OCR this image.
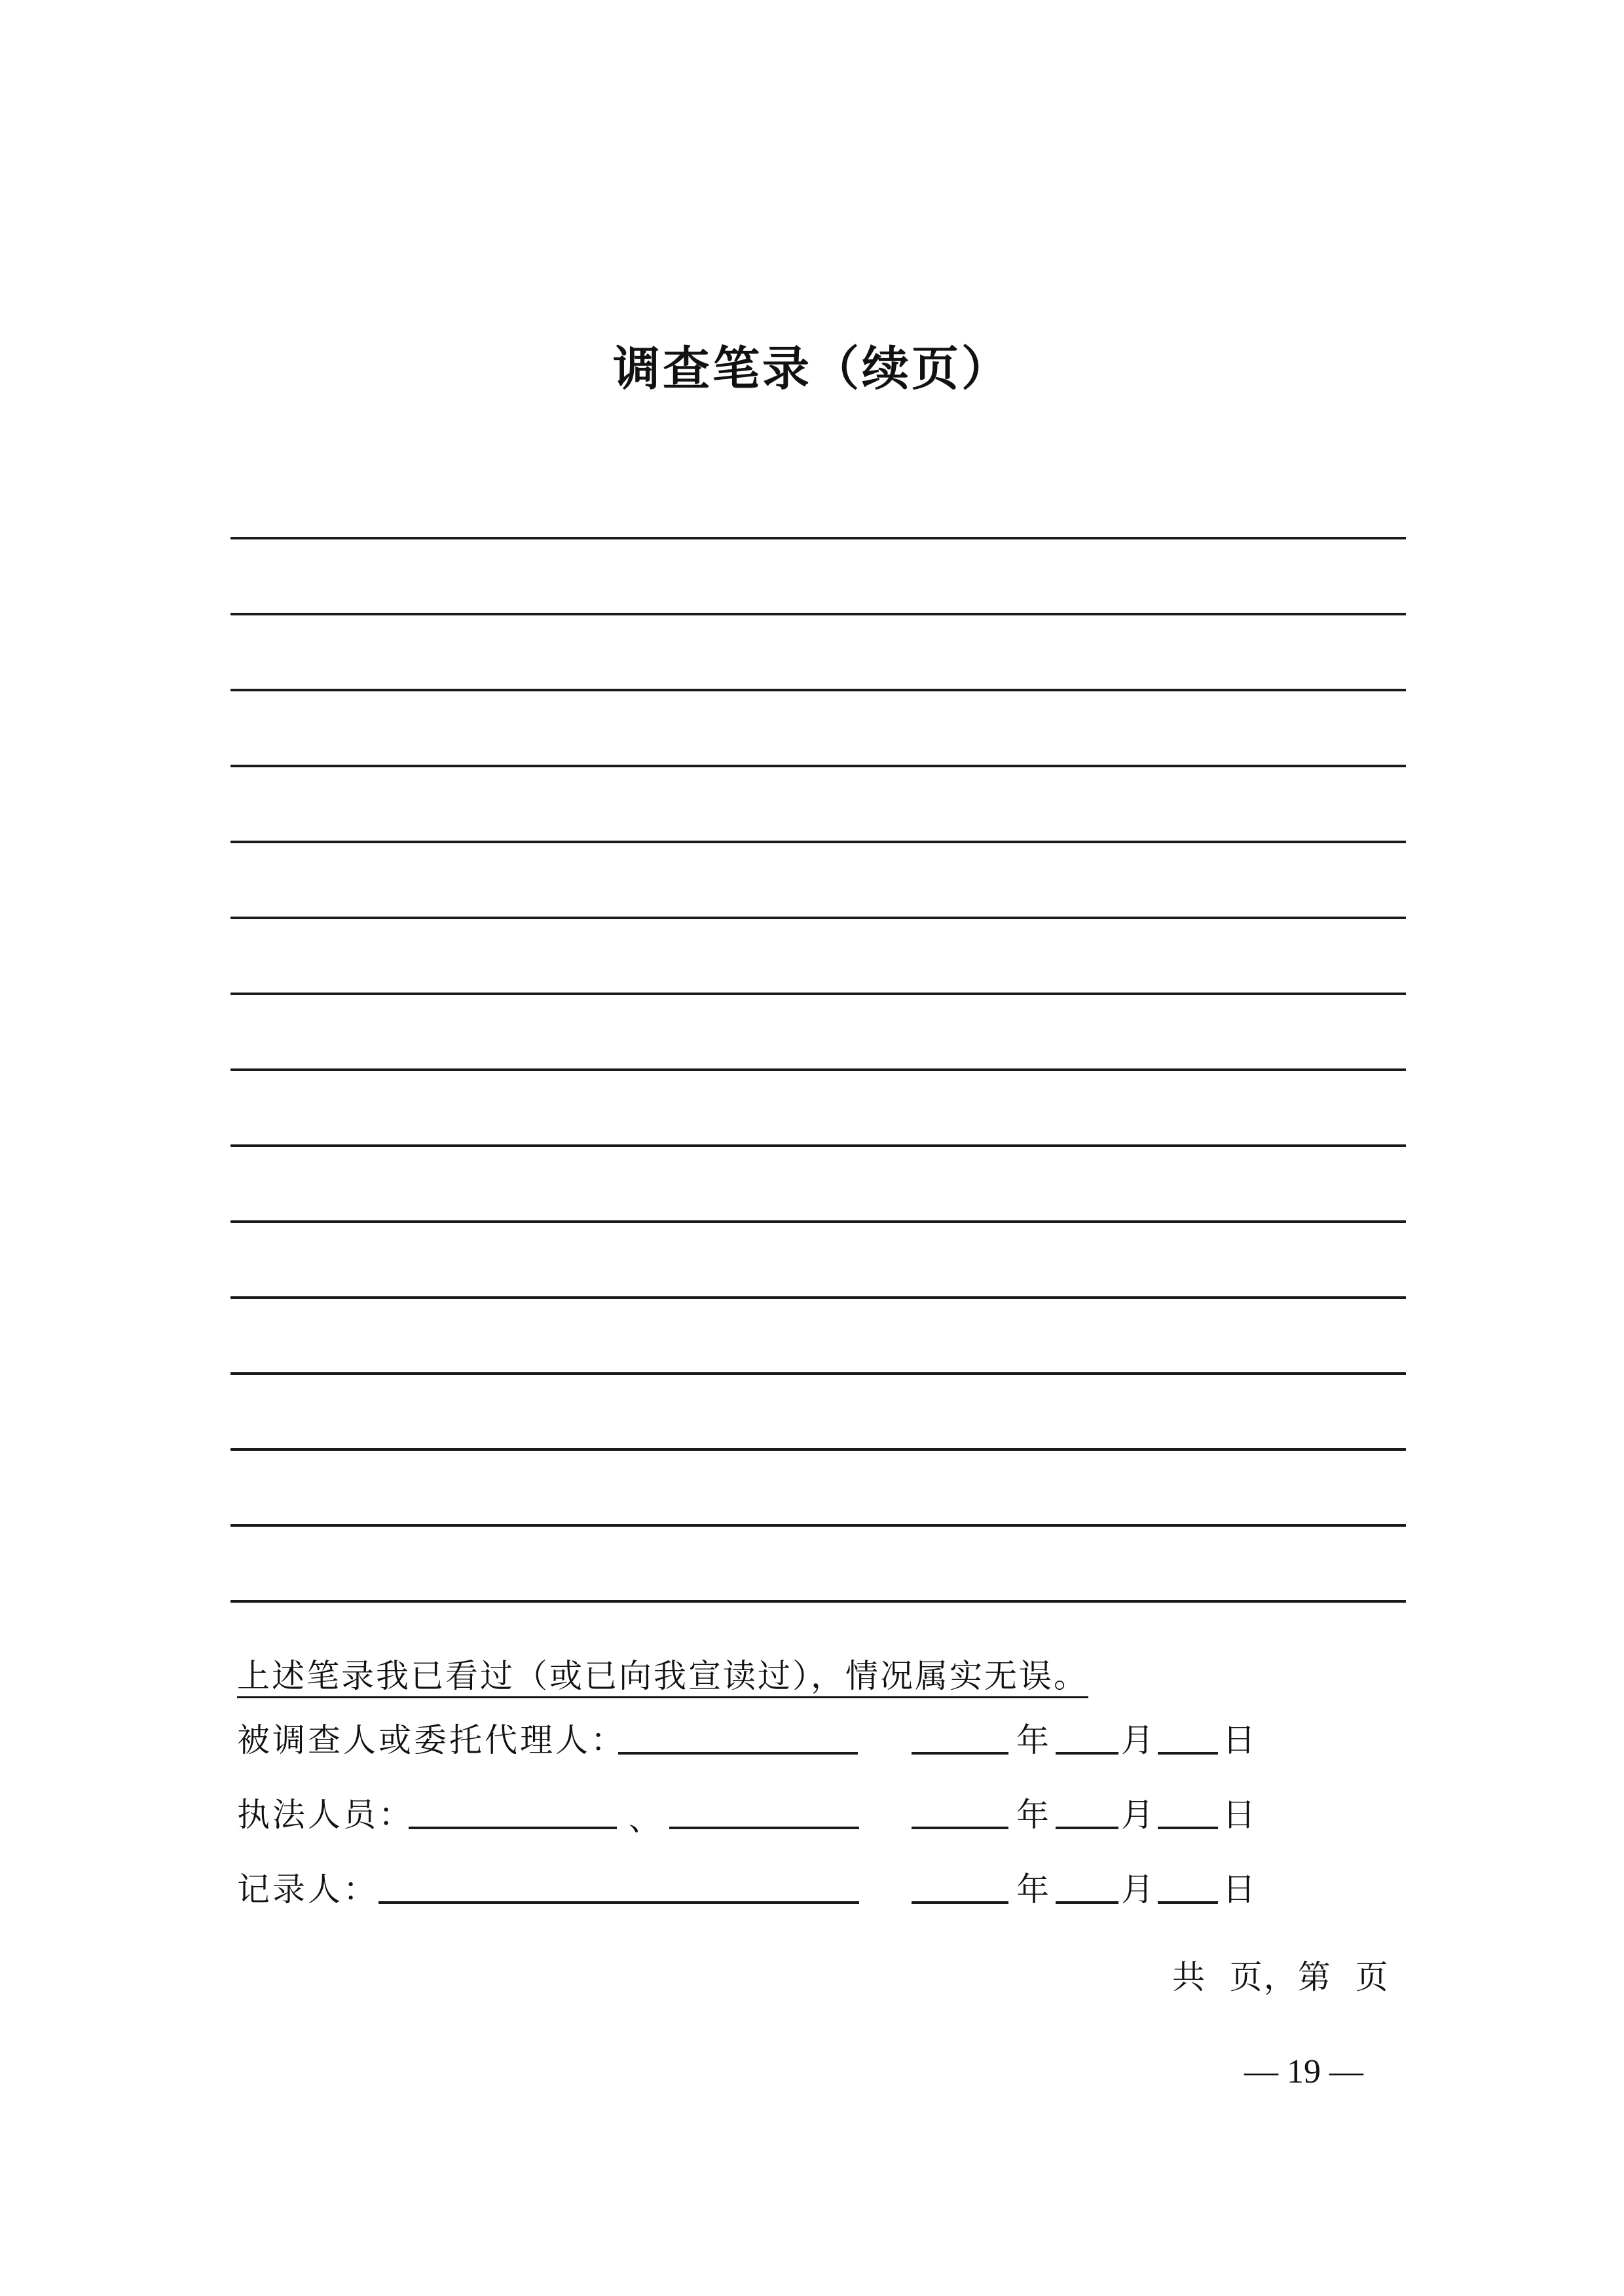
调查笔录（续页）
上述笔录我已看过（或已向我宣读过），情况属实无误。
被调查人或委托代理人：	年 月 日
执法人员：	、	年 月 日
记录人：	年 月 日
共  页，第  页
— 19 —
